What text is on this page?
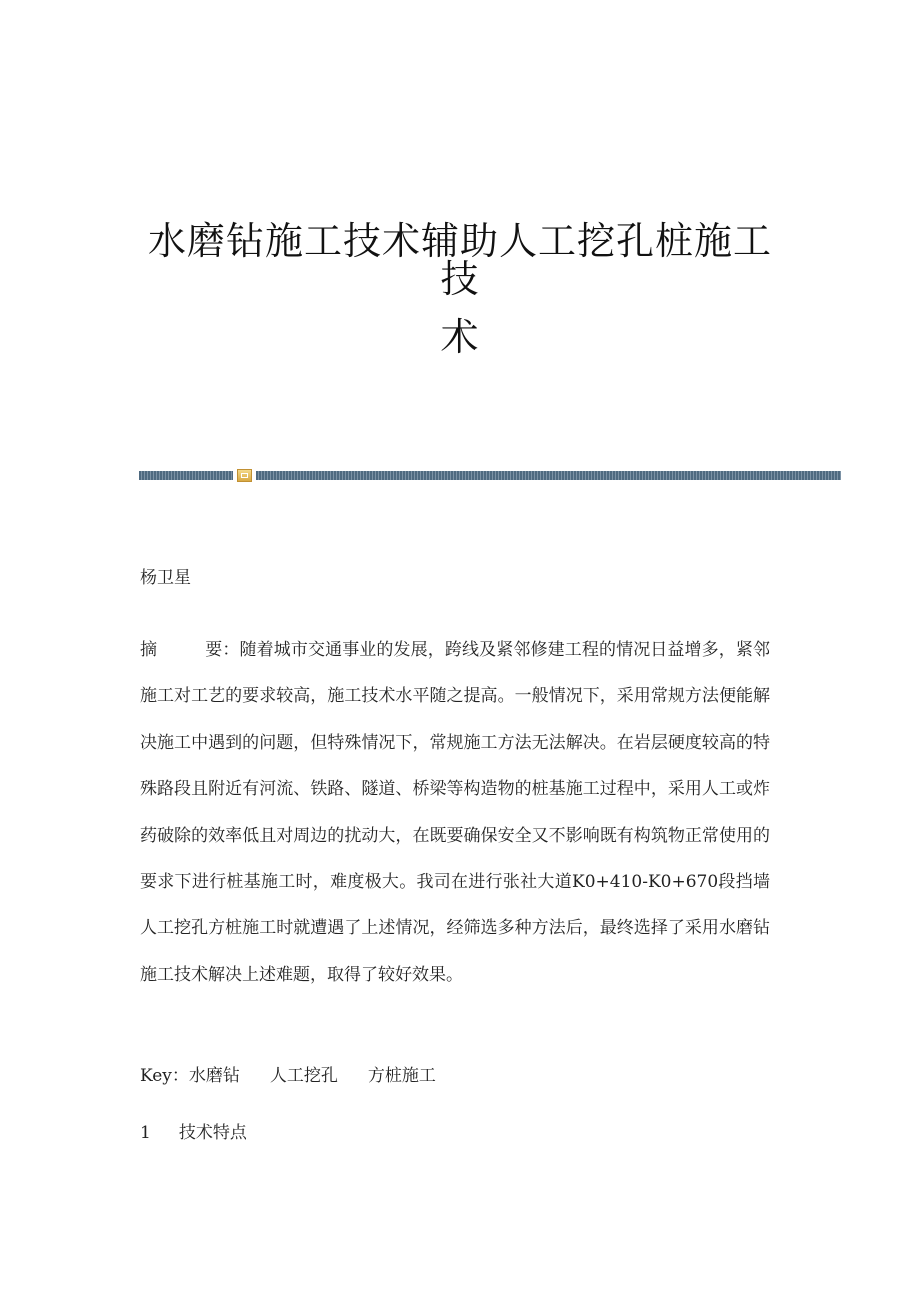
水磨钻施工技术辅助人工挖孔桩施工技
术
杨卫星
摘	要：随着城市交通事业的发展，跨线及紧邻修建工程的情况日益增多，紧邻施工对工艺的要求较高，施工技术水平随之提高。一般情况下，采用常规方法便能解决施工中遇到的问题，但特殊情况下，常规施工方法无法解决。在岩层硬度较高的特殊路段且附近有河流、铁路、隧道、桥梁等构造物的桩基施工过程中，采用人工或炸药破除的效率低且对周边的扰动大，在既要确保安全又不影响既有构筑物正常使用的要求下进行桩基施工时，难度极大。我司在进行张社大道K0+410-K0+670段挡墙人工挖孔方桩施工时就遭遇了上述情况，经筛选多种方法后，最终选择了采用水磨钻施工技术解决上述难题，取得了较好效果。
Key：水磨钻 人工挖孔 方桩施工
1 技术特点
